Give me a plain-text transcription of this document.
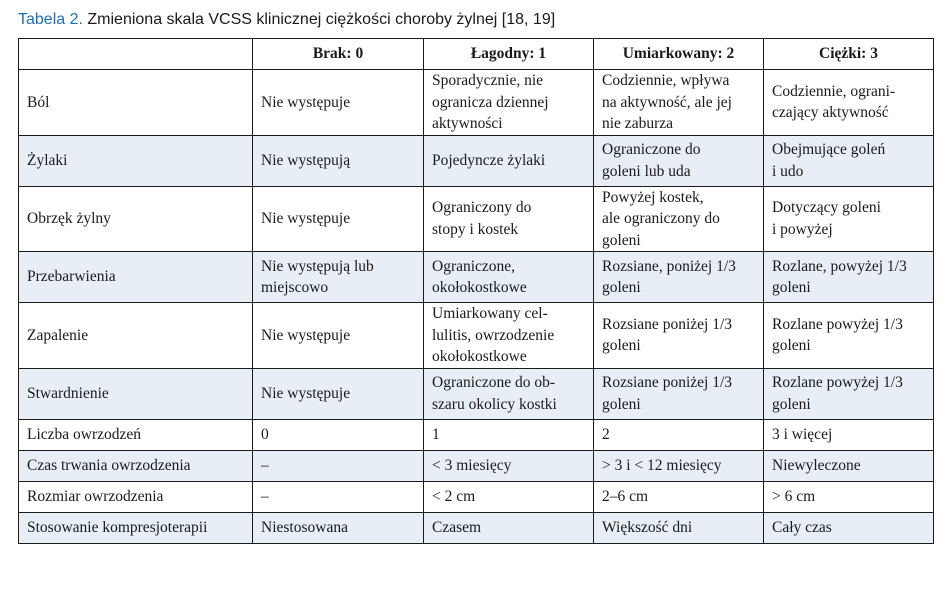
Tabela 2. Zmieniona skala VCSS klinicznej ciężkości choroby żylnej [18, 19]
	Brak: 0	Łagodny: 1	Umiarkowany: 2	Ciężki: 3

Ból	Nie występuje	Sporadycznie, nie
ogranicza dziennej
aktywności	Codziennie, wpływa
na aktywność, ale jej
nie zaburza	Codziennie, ograni-
czający aktywność

Żylaki	Nie występują	Pojedyncze żylaki	Ograniczone do
goleni lub uda	Obejmujące goleń
i udo

Obrzęk żylny	Nie występuje	Ograniczony do
stopy i kostek	Powyżej kostek,
ale ograniczony do
goleni	Dotyczący goleni
i powyżej

Przebarwienia	Nie występują lub
miejscowo	Ograniczone,
okołokostkowe	Rozsiane, poniżej 1/3
goleni	Rozlane, powyżej 1/3
goleni

Zapalenie	Nie występuje	Umiarkowany cel-
lulitis, owrzodzenie
okołokostkowe	Rozsiane poniżej 1/3
goleni	Rozlane powyżej 1/3
goleni

Stwardnienie	Nie występuje	Ograniczone do ob-
szaru okolicy kostki	Rozsiane poniżej 1/3
goleni	Rozlane powyżej 1/3
goleni

Liczba owrzodzeń	0	1	2	3 i więcej

Czas trwania owrzodzenia	–	< 3 miesięcy	> 3 i < 12 miesięcy	Niewyleczone

Rozmiar owrzodzenia	–	< 2 cm	2–6 cm	> 6 cm

Stosowanie kompresjoterapii	Niestosowana	Czasem	Większość dni	Cały czas
